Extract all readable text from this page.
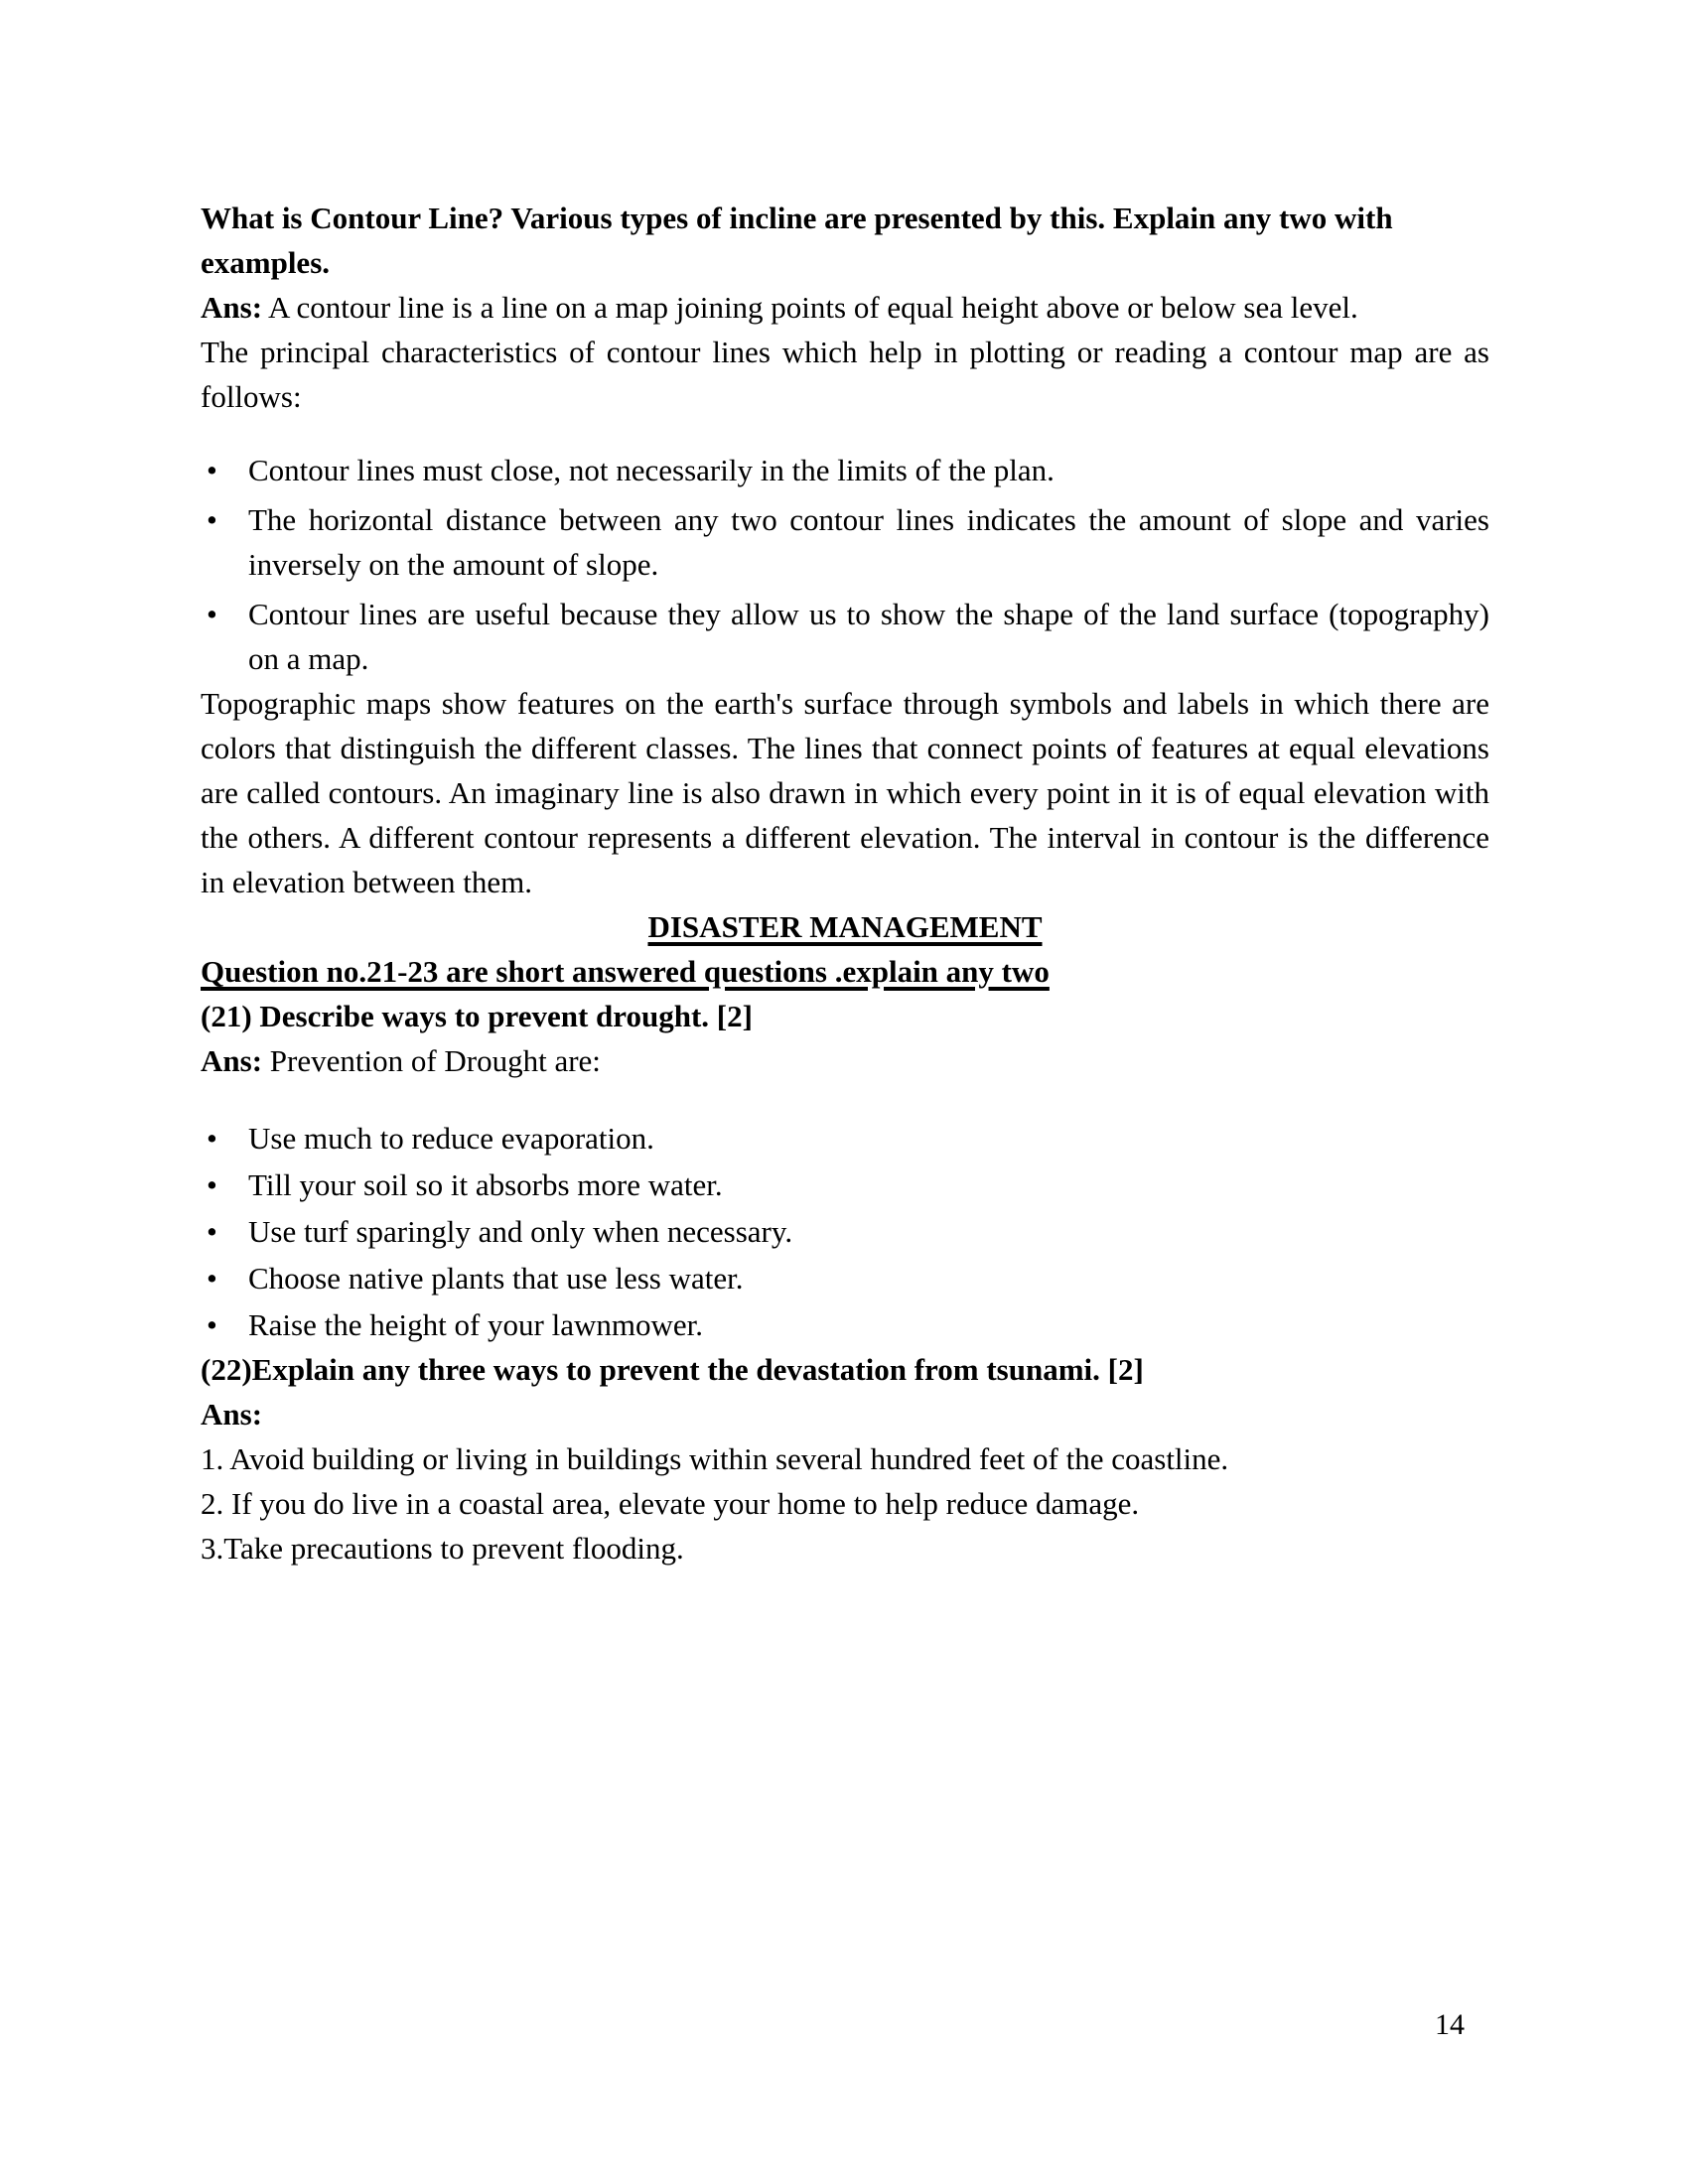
What is Contour Line? Various types of incline are presented by this. Explain any two with examples.

Ans: A contour line is a line on a map joining points of equal height above or below sea level.

The principal characteristics of contour lines which help in plotting or reading a contour map are as follows:

• Contour lines must close, not necessarily in the limits of the plan.
• The horizontal distance between any two contour lines indicates the amount of slope and varies inversely on the amount of slope.
• Contour lines are useful because they allow us to show the shape of the land surface (topography) on a map.

Topographic maps show features on the earth's surface through symbols and labels in which there are colors that distinguish the different classes. The lines that connect points of features at equal elevations are called contours. An imaginary line is also drawn in which every point in it is of equal elevation with the others. A different contour represents a different elevation. The interval in contour is the difference in elevation between them.

DISASTER MANAGEMENT
Question no.21-23 are short answered questions .explain any two
(21) Describe ways to prevent drought. [2]

Ans: Prevention of Drought are:

• Use much to reduce evaporation.
• Till your soil so it absorbs more water.
• Use turf sparingly and only when necessary.
• Choose native plants that use less water.
• Raise the height of your lawnmower.
(22)Explain any three ways to prevent the devastation from tsunami. [2]
Ans:

1. Avoid building or living in buildings within several hundred feet of the coastline.

2. If you do live in a coastal area, elevate your home to help reduce damage.

3.Take precautions to prevent flooding.

14
